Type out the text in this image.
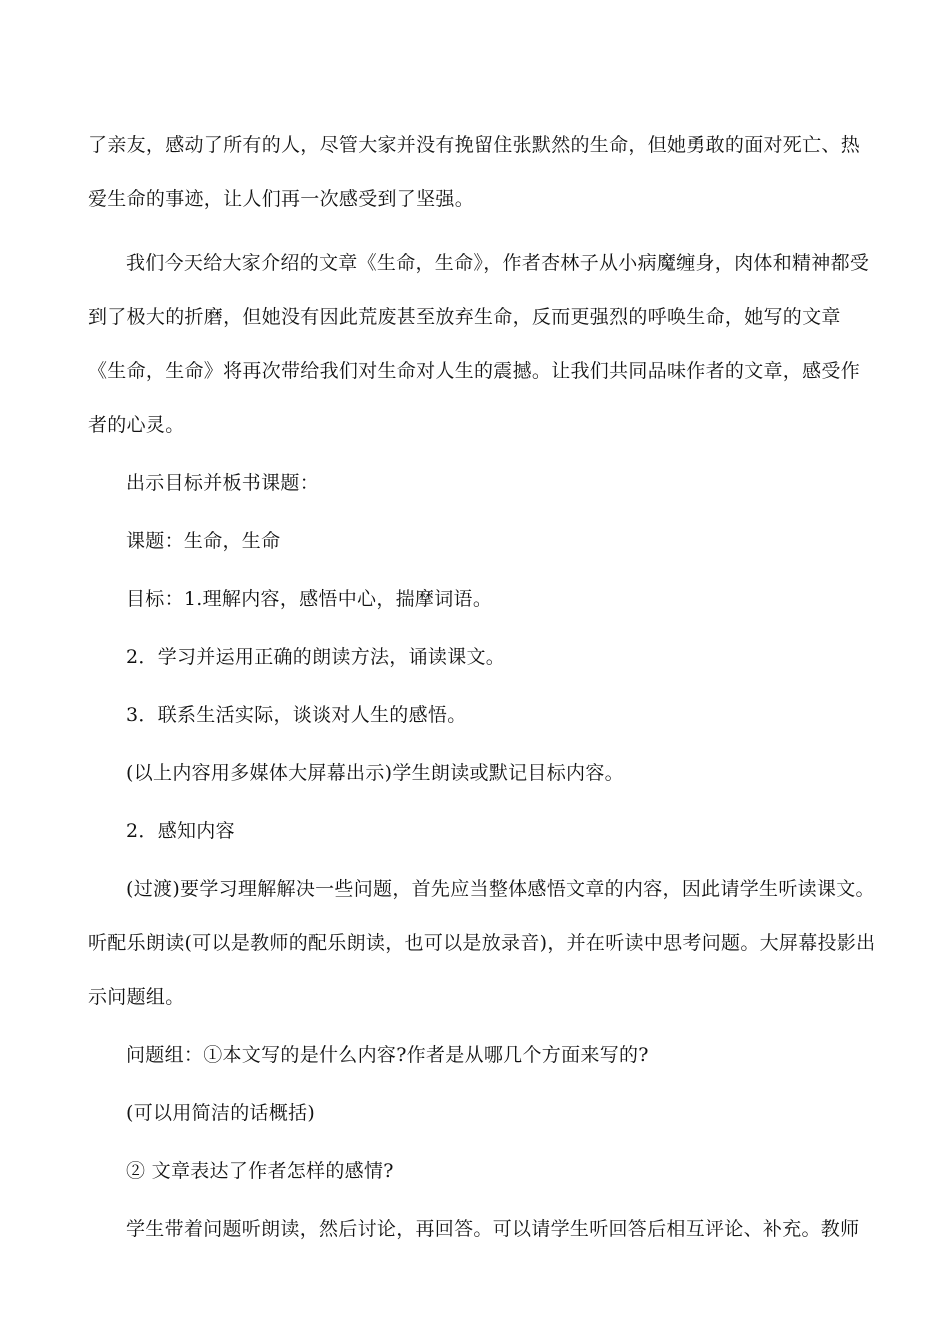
了亲友，感动了所有的人，尽管大家并没有挽留住张默然的生命，但她勇敢的面对死亡、热爱生命的事迹，让人们再一次感受到了坚强。

我们今天给大家介绍的文章《生命，生命》，作者杏林子从小病魔缠身，肉体和精神都受到了极大的折磨，但她没有因此荒废甚至放弃生命，反而更强烈的呼唤生命，她写的文章《生命，生命》将再次带给我们对生命对人生的震撼。让我们共同品味作者的文章，感受作者的心灵。

出示目标并板书课题：

课题：生命，生命

目标：1.理解内容，感悟中心，揣摩词语。

2．学习并运用正确的朗读方法，诵读课文。

3．联系生活实际，谈谈对人生的感悟。

(以上内容用多媒体大屏幕出示)学生朗读或默记目标内容。

2．感知内容

(过渡)要学习理解解决一些问题，首先应当整体感悟文章的内容，因此请学生听读课文。听配乐朗读(可以是教师的配乐朗读，也可以是放录音)，并在听读中思考问题。大屏幕投影出示问题组。

问题组：①本文写的是什么内容?作者是从哪几个方面来写的?

(可以用简洁的话概括)

② 文章表达了作者怎样的感情?

学生带着问题听朗读，然后讨论，再回答。可以请学生听回答后相互评论、补充。教师
